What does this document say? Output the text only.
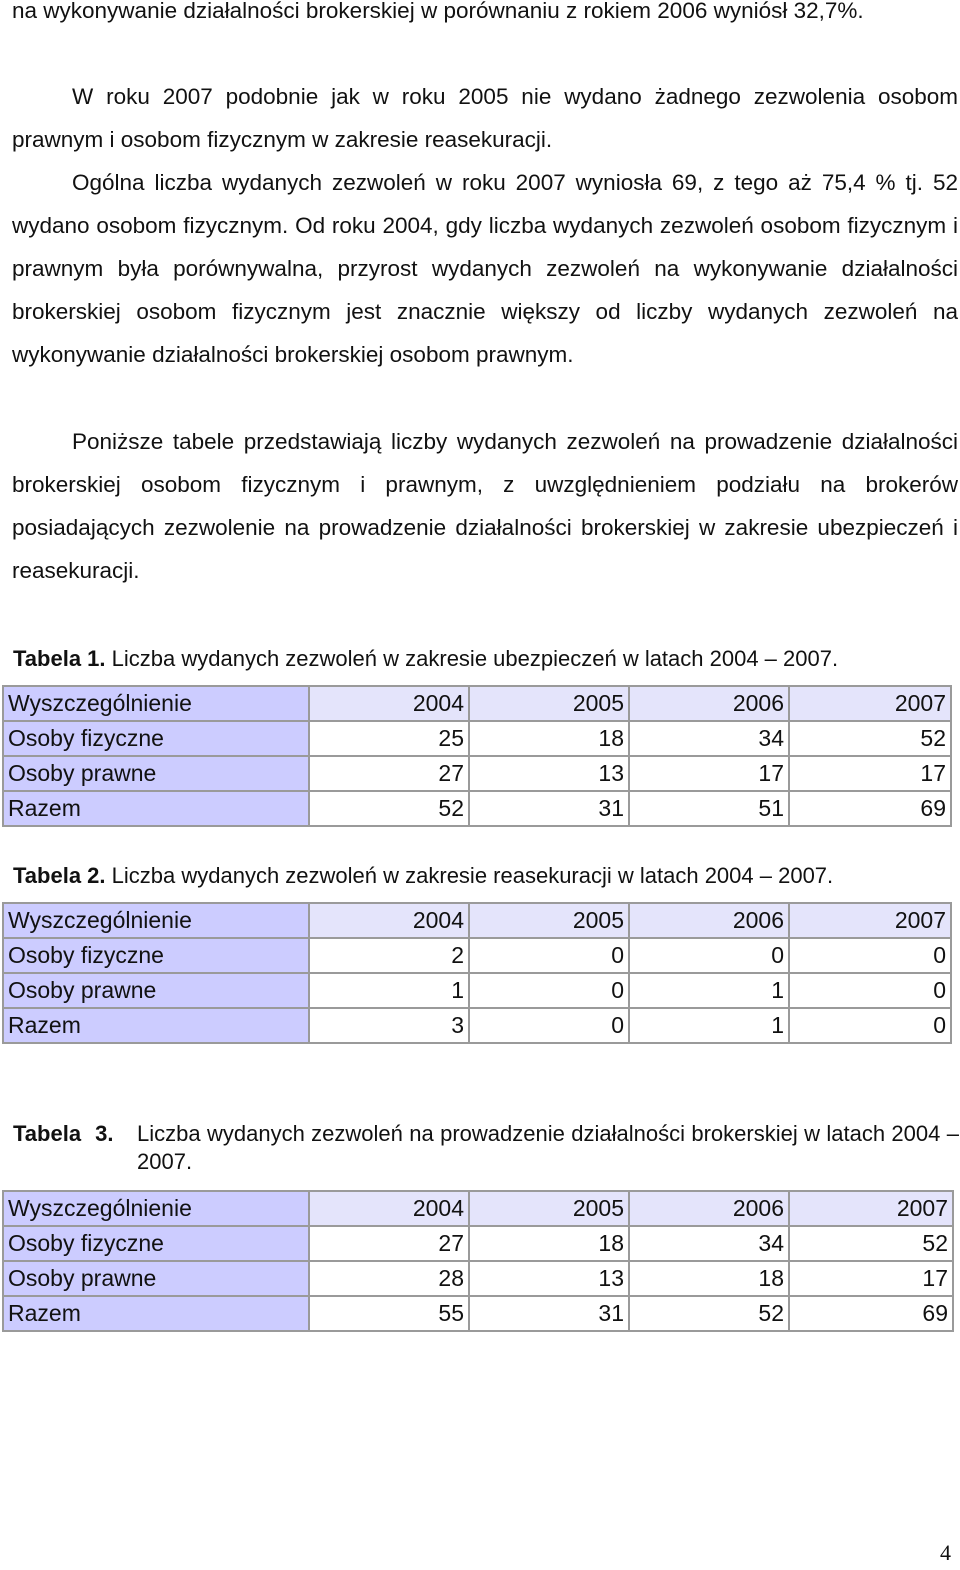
na wykonywanie działalności brokerskiej w porównaniu z rokiem 2006 wyniósł 32,7%.

W roku 2007 podobnie jak w roku 2005 nie wydano żadnego zezwolenia osobom prawnym i osobom fizycznym w zakresie reasekuracji.

Ogólna liczba wydanych zezwoleń w roku 2007 wyniosła 69, z tego aż 75,4 % tj. 52 wydano osobom fizycznym. Od roku 2004, gdy liczba wydanych zezwoleń osobom fizycznym i prawnym była porównywalna, przyrost wydanych zezwoleń na wykonywanie działalności brokerskiej osobom fizycznym jest znacznie większy od liczby wydanych zezwoleń na wykonywanie działalności brokerskiej osobom prawnym.

Poniższe tabele przedstawiają liczby wydanych zezwoleń na prowadzenie działalności brokerskiej osobom fizycznym i prawnym, z uwzględnieniem podziału na brokerów posiadających zezwolenie na prowadzenie działalności brokerskiej w zakresie ubezpieczeń i reasekuracji.

Tabela 1. Liczba wydanych zezwoleń w zakresie ubezpieczeń w latach 2004 – 2007.

Wyszczególnienie	2004	2005	2006	2007
Osoby fizyczne	25	18	34	52
Osoby prawne	27	13	17	17
Razem	52	31	51	69

Tabela 2. Liczba wydanych zezwoleń w zakresie reasekuracji w latach 2004 – 2007.

Wyszczególnienie	2004	2005	2006	2007
Osoby fizyczne	2	0	0	0
Osoby prawne	1	0	1	0
Razem	3	0	1	0
Tabela 3.	Liczba wydanych zezwoleń na prowadzenie działalności brokerskiej w latach 2004 – 2007.
Wyszczególnienie	2004	2005	2006	2007
Osoby fizyczne	27	18	34	52
Osoby prawne	28	13	18	17
Razem	55	31	52	69
4
